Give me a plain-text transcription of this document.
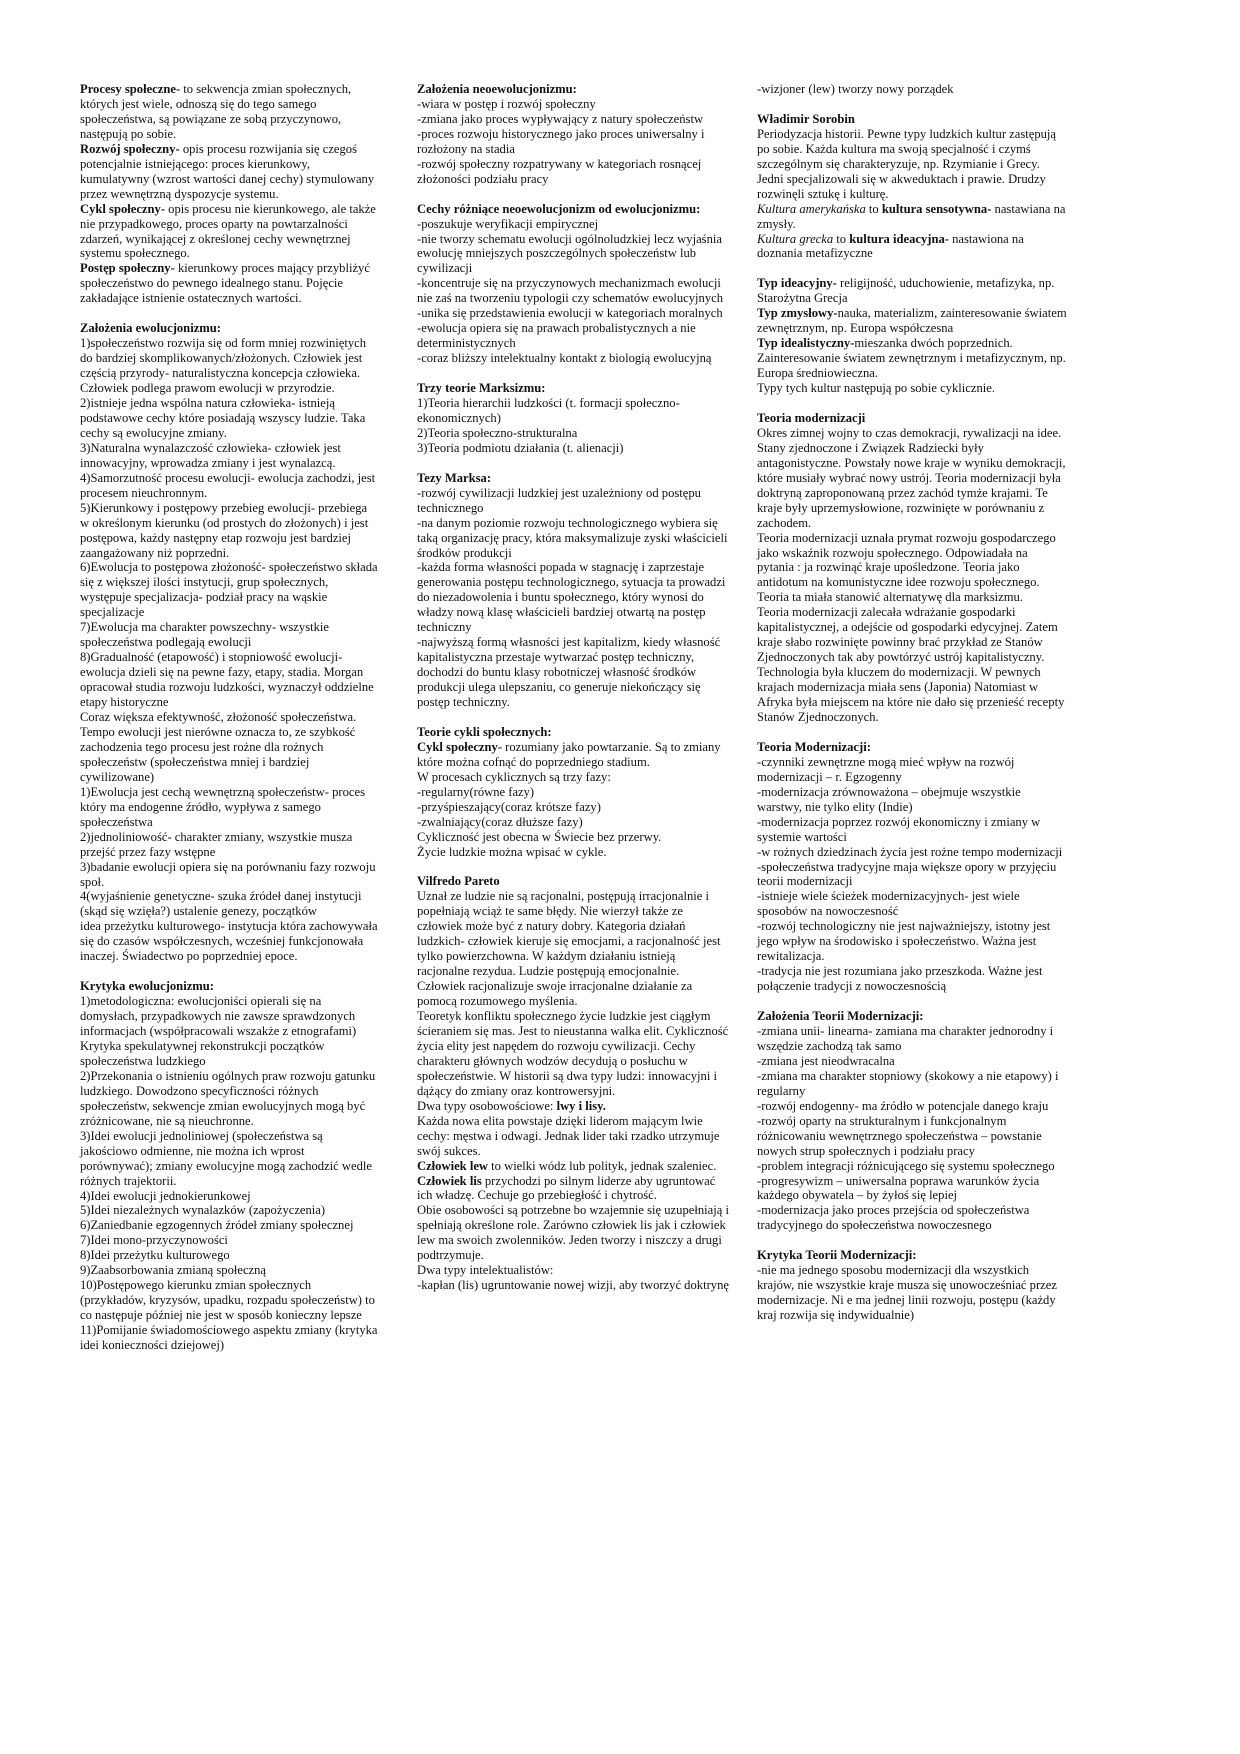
Procesy społeczne- to sekwencja zmian społecznych, których jest wiele, odnoszą się do tego samego społeczeństwa, są powiązane ze sobą przyczynowo, następują po sobie.
Rozwój społeczny- opis procesu rozwijania się czegoś potencjalnie istniejącego: proces kierunkowy, kumulatywny (wzrost wartości danej cechy) stymulowany przez wewnętrzną dyspozycje systemu.
Cykl społeczny- opis procesu nie kierunkowego, ale także nie przypadkowego, proces oparty na powtarzalności zdarzeń, wynikającej z określonej cechy wewnętrznej systemu społecznego.
Postęp społeczny- kierunkowy proces mający przybliżyć społeczeństwo do pewnego idealnego stanu. Pojęcie zakładające istnienie ostatecznych wartości.
Założenia ewolucjonizmu:
1)społeczeństwo rozwija się od form mniej rozwiniętych do bardziej skomplikowanych/złożonych. Człowiek jest częścią przyrody- naturalistyczna koncepcja człowieka. Człowiek podlega prawom ewolucji w przyrodzie.
2)istnieje jedna wspólna natura człowieka- istnieją podstawowe cechy które posiadają wszyscy ludzie. Taka cechy są ewolucyjne zmiany.
3)Naturalna wynalazczość człowieka- człowiek jest innowacyjny, wprowadza zmiany i jest wynalazcą.
4)Samorzutność procesu ewolucji- ewolucja zachodzi, jest procesem nieuchronnym.
5)Kierunkowy i postępowy przebieg ewolucji- przebiega w określonym kierunku (od prostych do złożonych) i jest postępowa, każdy następny etap rozwoju jest bardziej zaangażowany niż poprzedni.
6)Ewolucja to postępowa złożoność- społeczeństwo składa się z większej ilości instytucji, grup społecznych, występuje specjalizacja- podział pracy na wąskie specjalizacje
7)Ewolucja ma charakter powszechny- wszystkie społeczeństwa podlegają ewolucji
8)Gradualność (etapowość) i stopniowość ewolucji- ewolucja dzieli się na pewne fazy, etapy, stadia. Morgan opracował studia rozwoju ludzkości, wyznaczył oddzielne etapy historyczne
Coraz większa efektywność, złożoność społeczeństwa. Tempo ewolucji jest nierówne oznacza to, ze szybkość zachodzenia tego procesu jest rożne dla rożnych społeczeństw (społeczeństwa mniej i bardziej cywilizowane)
1)Ewolucja jest cechą wewnętrzną społeczeństw- proces który ma endogenne źródło, wypływa z samego społeczeństwa
2)jednoliniowość- charakter zmiany, wszystkie musza przejść przez fazy wstępne
3)badanie ewolucji opiera się na porównaniu fazy rozwoju społ.
4(wyjaśnienie genetyczne- szuka źródeł danej instytucji (skąd się wzięła?) ustalenie genezy, początków
idea przeżytku kulturowego- instytucja która zachowywała się do czasów współczesnych, wcześniej funkcjonowała inaczej. Świadectwo po poprzedniej epoce.
Krytyka ewolucjonizmu:
1)metodologiczna: ewolucjoniści opierali się na domysłach, przypadkowych nie zawsze sprawdzonych informacjach (współpracowali wszakże z etnografami) Krytyka spekulatywnej rekonstrukcji początków społeczeństwa ludzkiego
2)Przekonania o istnieniu ogólnych praw rozwoju gatunku ludzkiego. Dowodzono specyficzności różnych społeczeństw, sekwencje zmian ewolucyjnych mogą być zróżnicowane, nie są nieuchronne.
3)Idei ewolucji jednoliniowej (społeczeństwa są jakościowo odmienne, nie można ich wprost porównywać); zmiany ewolucyjne mogą zachodzić wedle różnych trajektorii.
4)Idei ewolucji jednokierunkowej
5)Idei niezależnych wynalazków (zapożyczenia)
6)Zaniedbanie egzogennych źródeł zmiany społecznej
7)Idei mono-przyczynowości
8)Idei przeżytku kulturowego
9)Zaabsorbowania zmianą społeczną
10)Postępowego kierunku zmian społecznych (przykładów, kryzysów, upadku, rozpadu społeczeństw) to co następuje później nie jest w sposób konieczny lepsze
11)Pomijanie świadomościowego aspektu zmiany (krytyka idei konieczności dziejowej)
Założenia neoewolucjonizmu:
-wiara w postęp i rozwój społeczny
-zmiana jako proces wypływający z natury społeczeństw
-proces rozwoju historycznego jako proces uniwersalny i rozłożony na stadia
-rozwój społeczny rozpatrywany w kategoriach rosnącej złożoności podziału pracy
Cechy różniące neoewolucjonizm od ewolucjonizmu:
-poszukuje weryfikacji empirycznej
-nie tworzy schematu ewolucji ogólnoludzkiej lecz wyjaśnia ewolucję mniejszych poszczególnych społeczeństw lub cywilizacji
-koncentruje się na przyczynowych mechanizmach ewolucji nie zaś na tworzeniu typologii czy schematów ewolucyjnych
-unika się przedstawienia ewolucji w kategoriach moralnych
-ewolucja opiera się na prawach probalistycznych a nie deterministycznych
-coraz bliższy intelektualny kontakt z biologią ewolucyjną
Trzy teorie Marksizmu:
1)Teoria hierarchii ludzkości (t. formacji społeczno-ekonomicznych)
2)Teoria społeczno-strukturalna
3)Teoria podmiotu działania (t. alienacji)
Tezy Marksa:
-rozwój cywilizacji ludzkiej jest uzależniony od postępu technicznego
-na danym poziomie rozwoju technologicznego wybiera się taką organizację pracy, która maksymalizuje zyski właścicieli środków produkcji
-każda forma własności popada w stagnację i zaprzestaje generowania postępu technologicznego, sytuacja ta prowadzi do niezadowolenia i buntu społecznego, który wynosi do władzy nową klasę właścicieli bardziej otwartą na postęp techniczny
-najwyższą formą własności jest kapitalizm, kiedy własność kapitalistyczna przestaje wytwarzać postęp techniczny, dochodzi do buntu klasy robotniczej własność środków produkcji ulega ulepszaniu, co generuje niekończący się postęp techniczny.
Teorie cykli społecznych:
Cykl społeczny- rozumiany jako powtarzanie. Są to zmiany które można cofnąć do poprzedniego stadium.
W procesach cyklicznych są trzy fazy:
-regularny(równe fazy)
-przyśpieszający(coraz krótsze fazy)
-zwalniający(coraz dłuższe fazy)
Cykliczność jest obecna w Świecie bez przerwy.
Życie ludzkie można wpisać w cykle.
Vilfredo Pareto
Uznał ze ludzie nie są racjonalni, postępują irracjonalnie i popełniają wciąż te same błędy. Nie wierzył także ze człowiek może być z natury dobry. Kategoria działań ludzkich- człowiek kieruje się emocjami, a racjonalność jest tylko powierzchowna. W każdym działaniu istnieją racjonalne rezydua. Ludzie postępują emocjonalnie. Człowiek racjonalizuje swoje irracjonalne działanie za pomocą rozumowego myślenia.
Teoretyk konfliktu społecznego życie ludzkie jest ciągłym ścieraniem się mas. Jest to nieustanna walka elit. Cykliczność życia elity jest napędem do rozwoju cywilizacji. Cechy charakteru głównych wodzów decydują o posłuchu w społeczeństwie. W historii są dwa typy ludzi: innowacyjni i dążący do zmiany oraz kontrowersyjni.
Dwa typy osobowościowe: lwy i lisy.
Każda nowa elita powstaje dzięki liderom mającym lwie cechy: męstwa i odwagi. Jednak lider taki rzadko utrzymuje swój sukces.
Człowiek lew to wielki wódz lub polityk, jednak szaleniec.
Człowiek lis przychodzi po silnym liderze aby ugruntować ich władzę. Cechuje go przebiegłość i chytrość.
Obie osobowości są potrzebne bo wzajemnie się uzupełniają i spełniają określone role. Zarówno człowiek lis jak i człowiek lew ma swoich zwolenników. Jeden tworzy i niszczy a drugi podtrzymuje.
Dwa typy intelektualistów:
-kapłan (lis) ugruntowanie nowej wizji, aby tworzyć doktrynę
-wizjoner (lew) tworzy nowy porządek
Władimir Sorobin
Periodyzacja historii. Pewne typy ludzkich kultur zastępują po sobie. Każda kultura ma swoją specjalność i czymś szczególnym się charakteryzuje, np. Rzymianie i Grecy. Jedni specjalizowali się w akweduktach i prawie. Drudzy rozwinęli sztukę i kulturę.
Kultura amerykańska to kultura sensotywna- nastawiana na zmysły.
Kultura grecka to kultura ideacyjna- nastawiona na doznania metafizyczne
Typ ideacyjny- religijność, uduchowienie, metafizyka, np. Starożytna Grecja
Typ zmysłowy-nauka, materializm, zainteresowanie światem zewnętrznym, np. Europa współczesna
Typ idealistyczny-mieszanka dwóch poprzednich. Zainteresowanie światem zewnętrznym i metafizycznym, np. Europa średniowieczna.
Typy tych kultur następują po sobie cyklicznie.
Teoria modernizacji
Okres zimnej wojny to czas demokracji, rywalizacji na idee. Stany zjednoczone i Związek Radziecki były antagonistyczne. Powstały nowe kraje w wyniku demokracji, które musiały wybrać nowy ustrój. Teoria modernizacji była doktryną zaproponowaną przez zachód tymże krajami. Te kraje były uprzemysłowione, rozwinięte w porównaniu z zachodem.
Teoria modernizacji uznała prymat rozwoju gospodarczego jako wskaźnik rozwoju społecznego. Odpowiadała na pytania : ja rozwinąć kraje upośledzone. Teoria jako antidotum na komunistyczne idee rozwoju społecznego. Teoria ta miała stanowić alternatywę dla marksizmu.
Teoria modernizacji zalecała wdrażanie gospodarki kapitalistycznej, a odejście od gospodarki edycyjnej. Zatem kraje słabo rozwinięte powinny brać przykład ze Stanów Zjednoczonych tak aby powtórzyć ustrój kapitalistyczny.
Technologia była kluczem do modernizacji. W pewnych krajach modernizacja miała sens (Japonia) Natomiast w Afryka była miejscem na które nie dało się przenieść recepty Stanów Zjednoczonych.
Teoria Modernizacji:
-czynniki zewnętrzne mogą mieć wpływ na rozwój modernizacji – r. Egzogenny
-modernizacja zrównoważona – obejmuje wszystkie warstwy, nie tylko elity (Indie)
-modernizacja poprzez rozwój ekonomiczny i zmiany w systemie wartości
-w rożnych dziedzinach życia jest rożne tempo modernizacji
-społeczeństwa tradycyjne maja większe opory w przyjęciu teorii modernizacji
-istnieje wiele ścieżek modernizacyjnych- jest wiele sposobów na nowoczesność
-rozwój technologiczny nie jest najważniejszy, istotny jest jego wpływ na środowisko i społeczeństwo. Ważna jest rewitalizacja.
-tradycja nie jest rozumiana jako przeszkoda. Ważne jest połączenie tradycji z nowoczesnością
Założenia Teorii Modernizacji:
-zmiana unii- linearna- zamiana ma charakter jednorodny i wszędzie zachodzą tak samo
-zmiana jest nieodwracalna
-zmiana ma charakter stopniowy (skokowy a nie etapowy) i regularny
-rozwój endogenny- ma źródło w potencjale danego kraju
-rozwój oparty na strukturalnym i funkcjonalnym różnicowaniu wewnętrznego społeczeństwa – powstanie nowych strup społecznych i podziału pracy
-problem integracji różnicującego się systemu społecznego
-progresywizm – uniwersalna poprawa warunków życia każdego obywatela – by żyłoś się lepiej
-modernizacja jako proces przejścia od społeczeństwa tradycyjnego do społeczeństwa nowoczesnego
Krytyka Teorii Modernizacji:
-nie ma jednego sposobu modernizacji dla wszystkich krajów, nie wszystkie kraje musza się unowocześniać przez modernizacje. Ni e ma jednej linii rozwoju, postępu (każdy kraj rozwija się indywidualnie)
